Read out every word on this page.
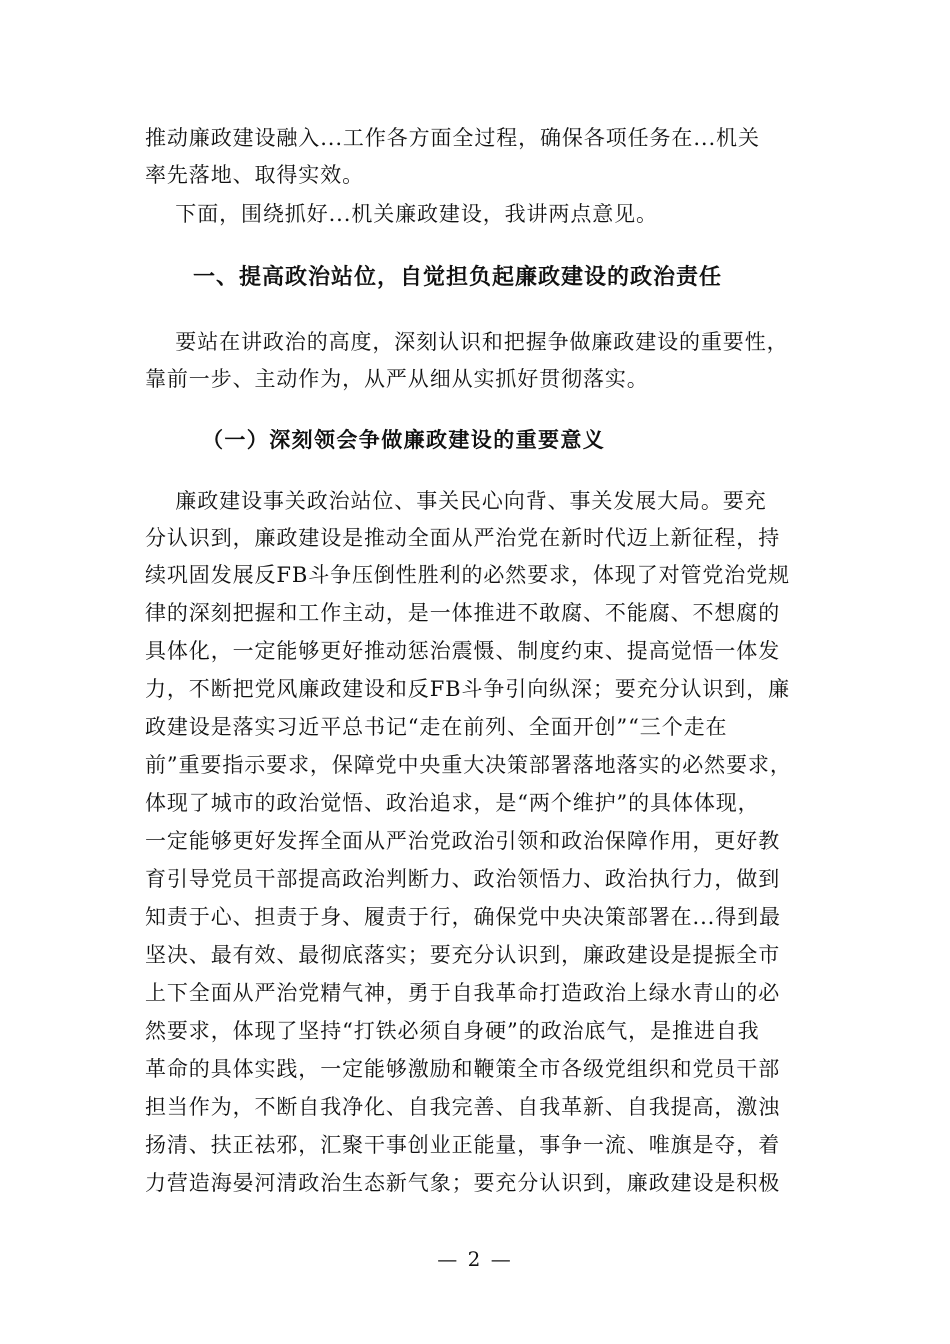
推动廉政建设融入...工作各方面全过程，确保各项任务在...机关
率先落地、取得实效。
下面，围绕抓好...机关廉政建设，我讲两点意见。
一、提高政治站位，自觉担负起廉政建设的政治责任
要站在讲政治的高度，深刻认识和把握争做廉政建设的重要性，
靠前一步、主动作为，从严从细从实抓好贯彻落实。
（一）深刻领会争做廉政建设的重要意义
廉政建设事关政治站位、事关民心向背、事关发展大局。要充
分认识到，廉政建设是推动全面从严治党在新时代迈上新征程，持
续巩固发展反FB斗争压倒性胜利的必然要求，体现了对管党治党规
律的深刻把握和工作主动，是一体推进不敢腐、不能腐、不想腐的
具体化，一定能够更好推动惩治震慑、制度约束、提高觉悟一体发
力，不断把党风廉政建设和反FB斗争引向纵深；要充分认识到，廉
政建设是落实习近平总书记“走在前列、全面开创”“三个走在
前”重要指示要求，保障党中央重大决策部署落地落实的必然要求，
体现了城市的政治觉悟、政治追求，是“两个维护”的具体体现，
一定能够更好发挥全面从严治党政治引领和政治保障作用，更好教
育引导党员干部提高政治判断力、政治领悟力、政治执行力，做到
知责于心、担责于身、履责于行，确保党中央决策部署在...得到最
坚决、最有效、最彻底落实；要充分认识到，廉政建设是提振全市
上下全面从严治党精气神，勇于自我革命打造政治上绿水青山的必
然要求，体现了坚持“打铁必须自身硬”的政治底气，是推进自我
革命的具体实践，一定能够激励和鞭策全市各级党组织和党员干部
担当作为，不断自我净化、自我完善、自我革新、自我提高，激浊
扬清、扶正祛邪，汇聚干事创业正能量，事争一流、唯旗是夺，着
力营造海晏河清政治生态新气象；要充分认识到，廉政建设是积极
— 2 —
